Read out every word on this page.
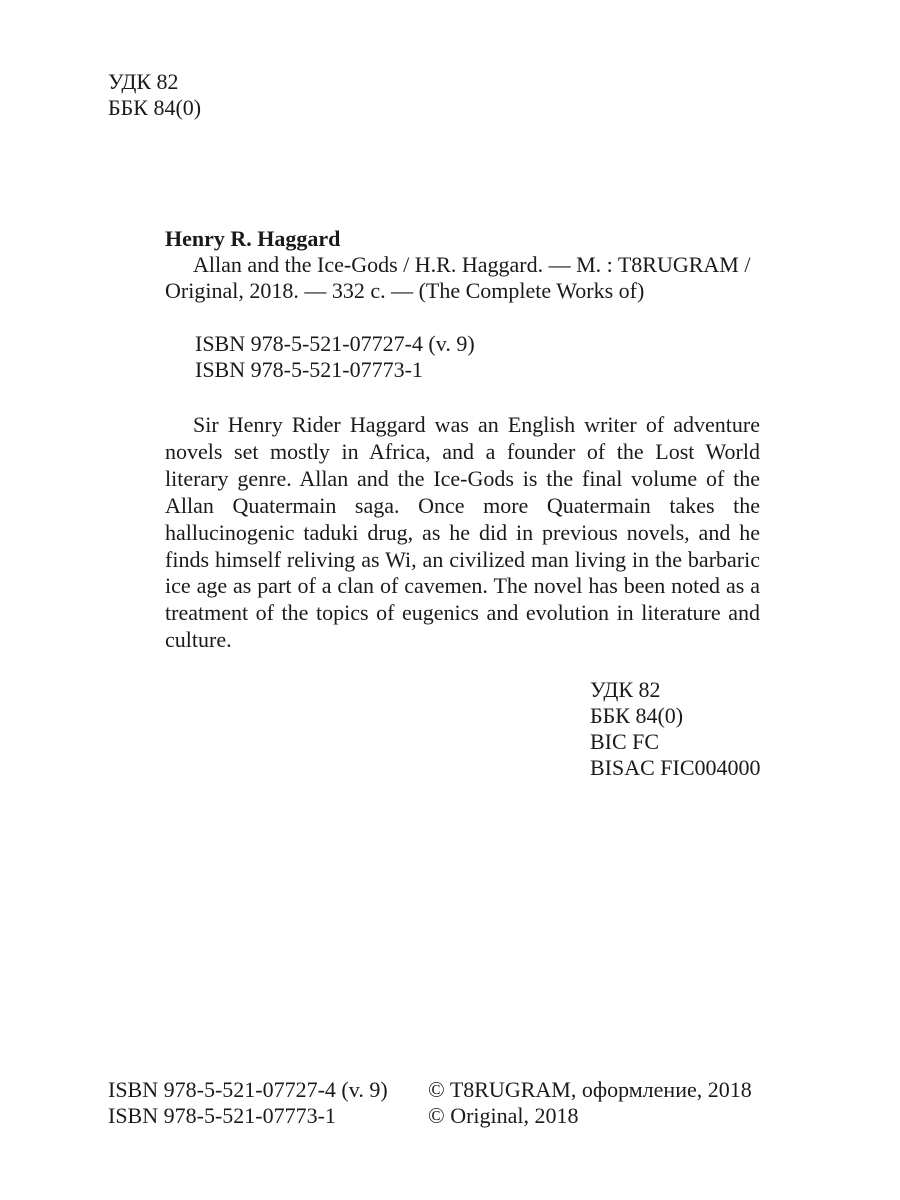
УДК 82
ББК 84(0)
Henry R. Haggard
Allan and the Ice-Gods / H.R. Haggard. — M. : T8RUGRAM /
Original, 2018. — 332 c. — (The Complete Works of)
ISBN 978-5-521-07727-4 (v. 9)
ISBN 978-5-521-07773-1

Sir Henry Rider Haggard was an English writer of adventure novels set mostly in Africa, and a founder of the Lost World literary genre. Allan and the Ice-Gods is the final volume of the Allan Quatermain saga. Once more Quatermain takes the hallucinogenic taduki drug, as he did in previous novels, and he finds himself reliving as Wi, an civilized man living in the barbaric ice age as part of a clan of cavemen. The novel has been noted as a treatment of the topics of eugenics and evolution in literature and culture.

УДК 82
ББК 84(0)
BIC FC
BISAC FIC004000
ISBN 978-5-521-07727-4 (v. 9)
ISBN 978-5-521-07773-1
© T8RUGRAM, оформление, 2018
© Original, 2018
